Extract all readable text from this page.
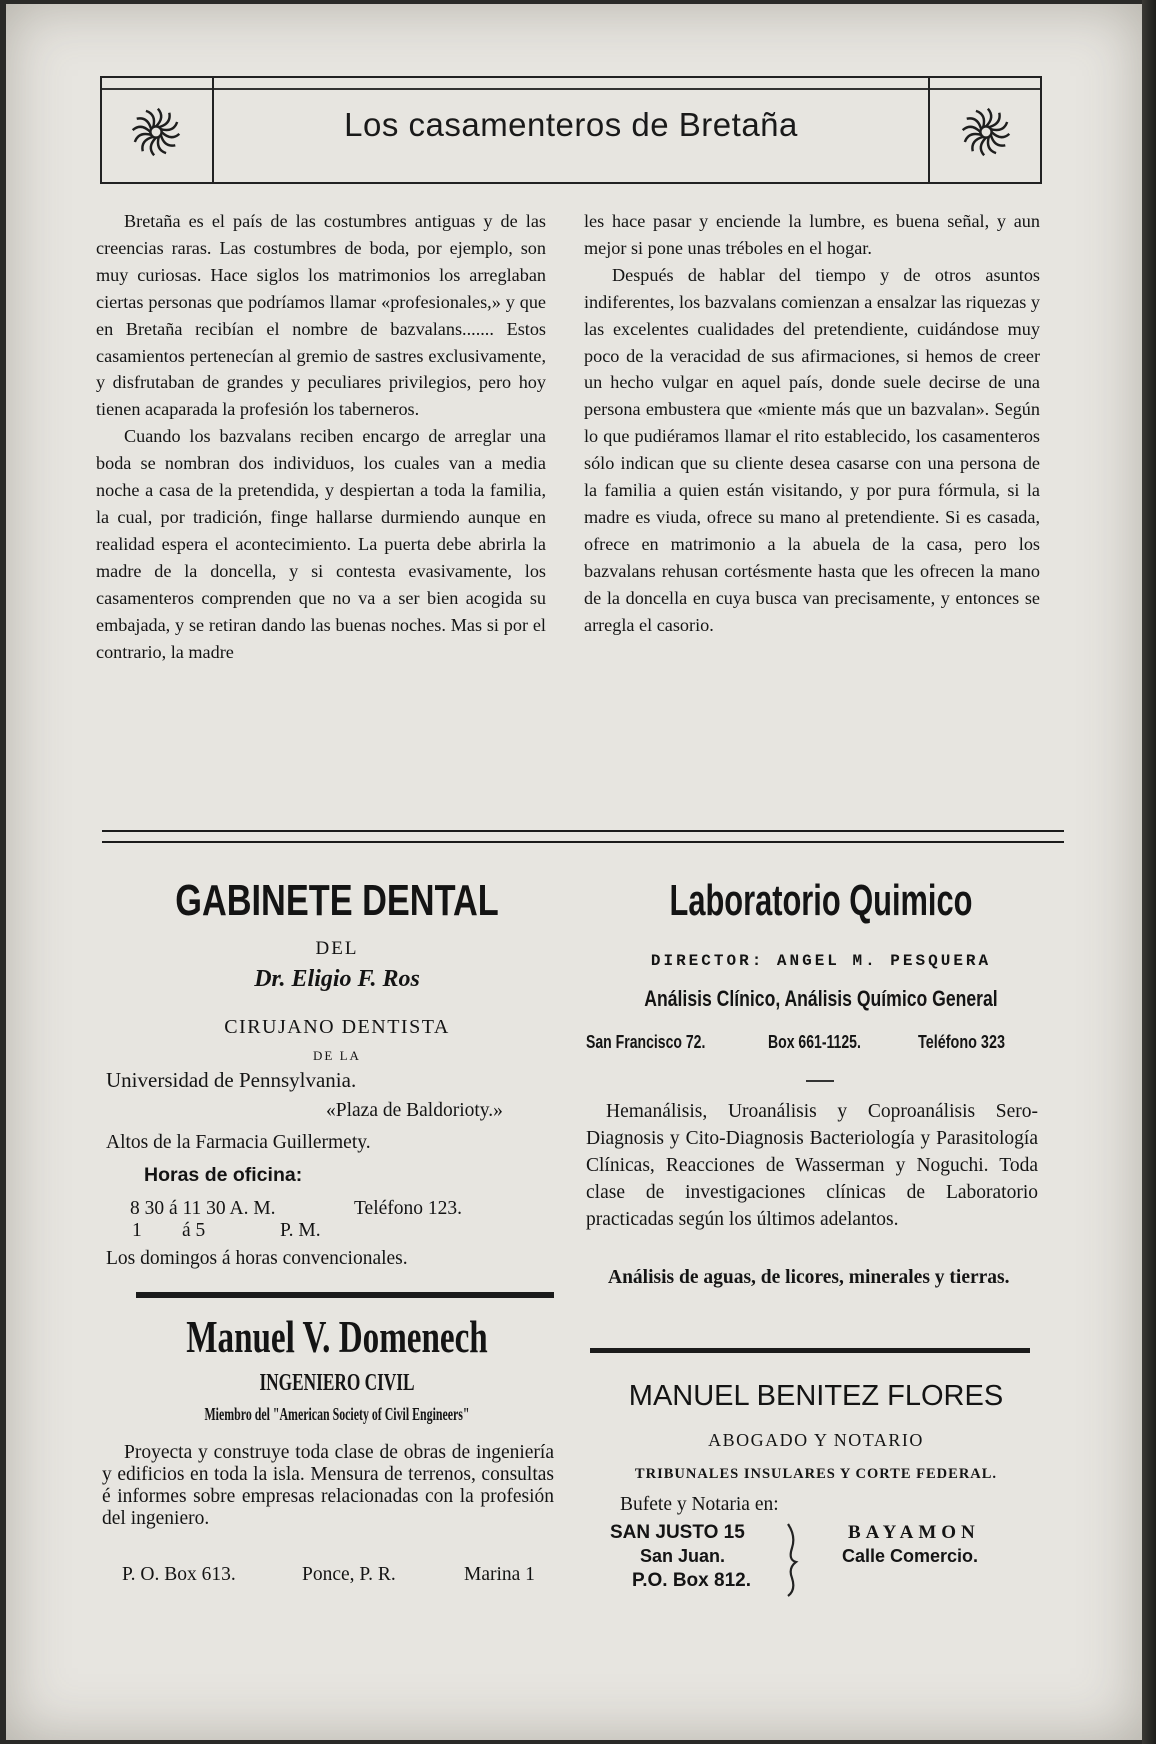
Los casamenteros de Bretaña

Bretaña es el país de las costumbres antiguas y de las creencias raras. Las costumbres de boda, por ejemplo, son muy curiosas. Hace siglos los matrimonios los arreglaban ciertas personas que podríamos llamar «profesionales,» y que en Bretaña recibían el nombre de bazvalans....... Estos casamientos pertenecían al gremio de sastres exclusivamente, y disfrutaban de grandes y peculiares privilegios, pero hoy tienen acaparada la profesión los taberneros.

Cuando los bazvalans reciben encargo de arreglar una boda se nombran dos individuos, los cuales van a media noche a casa de la pretendida, y despiertan a toda la familia, la cual, por tradición, finge hallarse durmiendo aunque en realidad espera el acontecimiento. La puerta debe abrirla la madre de la doncella, y si contesta evasivamente, los casamenteros comprenden que no va a ser bien acogida su embajada, y se retiran dando las buenas noches. Mas si por el contrario, la madre

les hace pasar y enciende la lumbre, es buena señal, y aun mejor si pone unas tréboles en el hogar.

Después de hablar del tiempo y de otros asuntos indiferentes, los bazvalans comienzan a ensalzar las riquezas y las excelentes cualidades del pretendiente, cuidándose muy poco de la veracidad de sus afirmaciones, si hemos de creer un hecho vulgar en aquel país, donde suele decirse de una persona embustera que «miente más que un bazvalan». Según lo que pudiéramos llamar el rito establecido, los casamenteros sólo indican que su cliente desea casarse con una persona de la familia a quien están visitando, y por pura fórmula, si la madre es viuda, ofrece su mano al pretendiente. Si es casada, ofrece en matrimonio a la abuela de la casa, pero los bazvalans rehusan cortésmente hasta que les ofrecen la mano de la doncella en cuya busca van precisamente, y entonces se arregla el casorio.

GABINETE DENTAL
DEL
Dr. Eligio F. Ros
CIRUJANO DENTISTA
DE LA
Universidad de Pennsylvania.
«Plaza de Baldorioty.»
Altos de la Farmacia Guillermety.
Horas de oficina:
8 30 á 11 30 A. M.	Teléfono 123.
1 á 5	P. M.
Los domingos á horas convencionales.
Manuel V. Domenech
INGENIERO CIVIL
Miembro del "American Society of Civil Engineers"

Proyecta y construye toda clase de obras de ingeniería y edificios en toda la isla. Mensura de terrenos, consultas é informes sobre empresas relacionadas con la profesión del ingeniero.

P. O. Box 613.	Ponce, P. R.	Marina 1
Laboratorio Quimico
DIRECTOR: ANGEL M. PESQUERA
Análisis Clínico, Análisis Químico General
San Francisco 72.	Box 661-1125.	Teléfono 323

Hemanálisis, Uroanálisis y Coproanálisis Sero-Diagnosis y Cito-Diagnosis Bacteriología y Parasitología Clínicas, Reacciones de Wasserman y Noguchi. Toda clase de investigaciones clínicas de Laboratorio practicadas según los últimos adelantos.

Análisis de aguas, de licores, minerales y tierras.

MANUEL BENITEZ FLORES
ABOGADO Y NOTARIO
TRIBUNALES INSULARES Y CORTE FEDERAL.
Bufete y Notaria en:
SAN JUSTO 15
San Juan.
P.O. Box 812.
BAYAMON
Calle Comercio.
